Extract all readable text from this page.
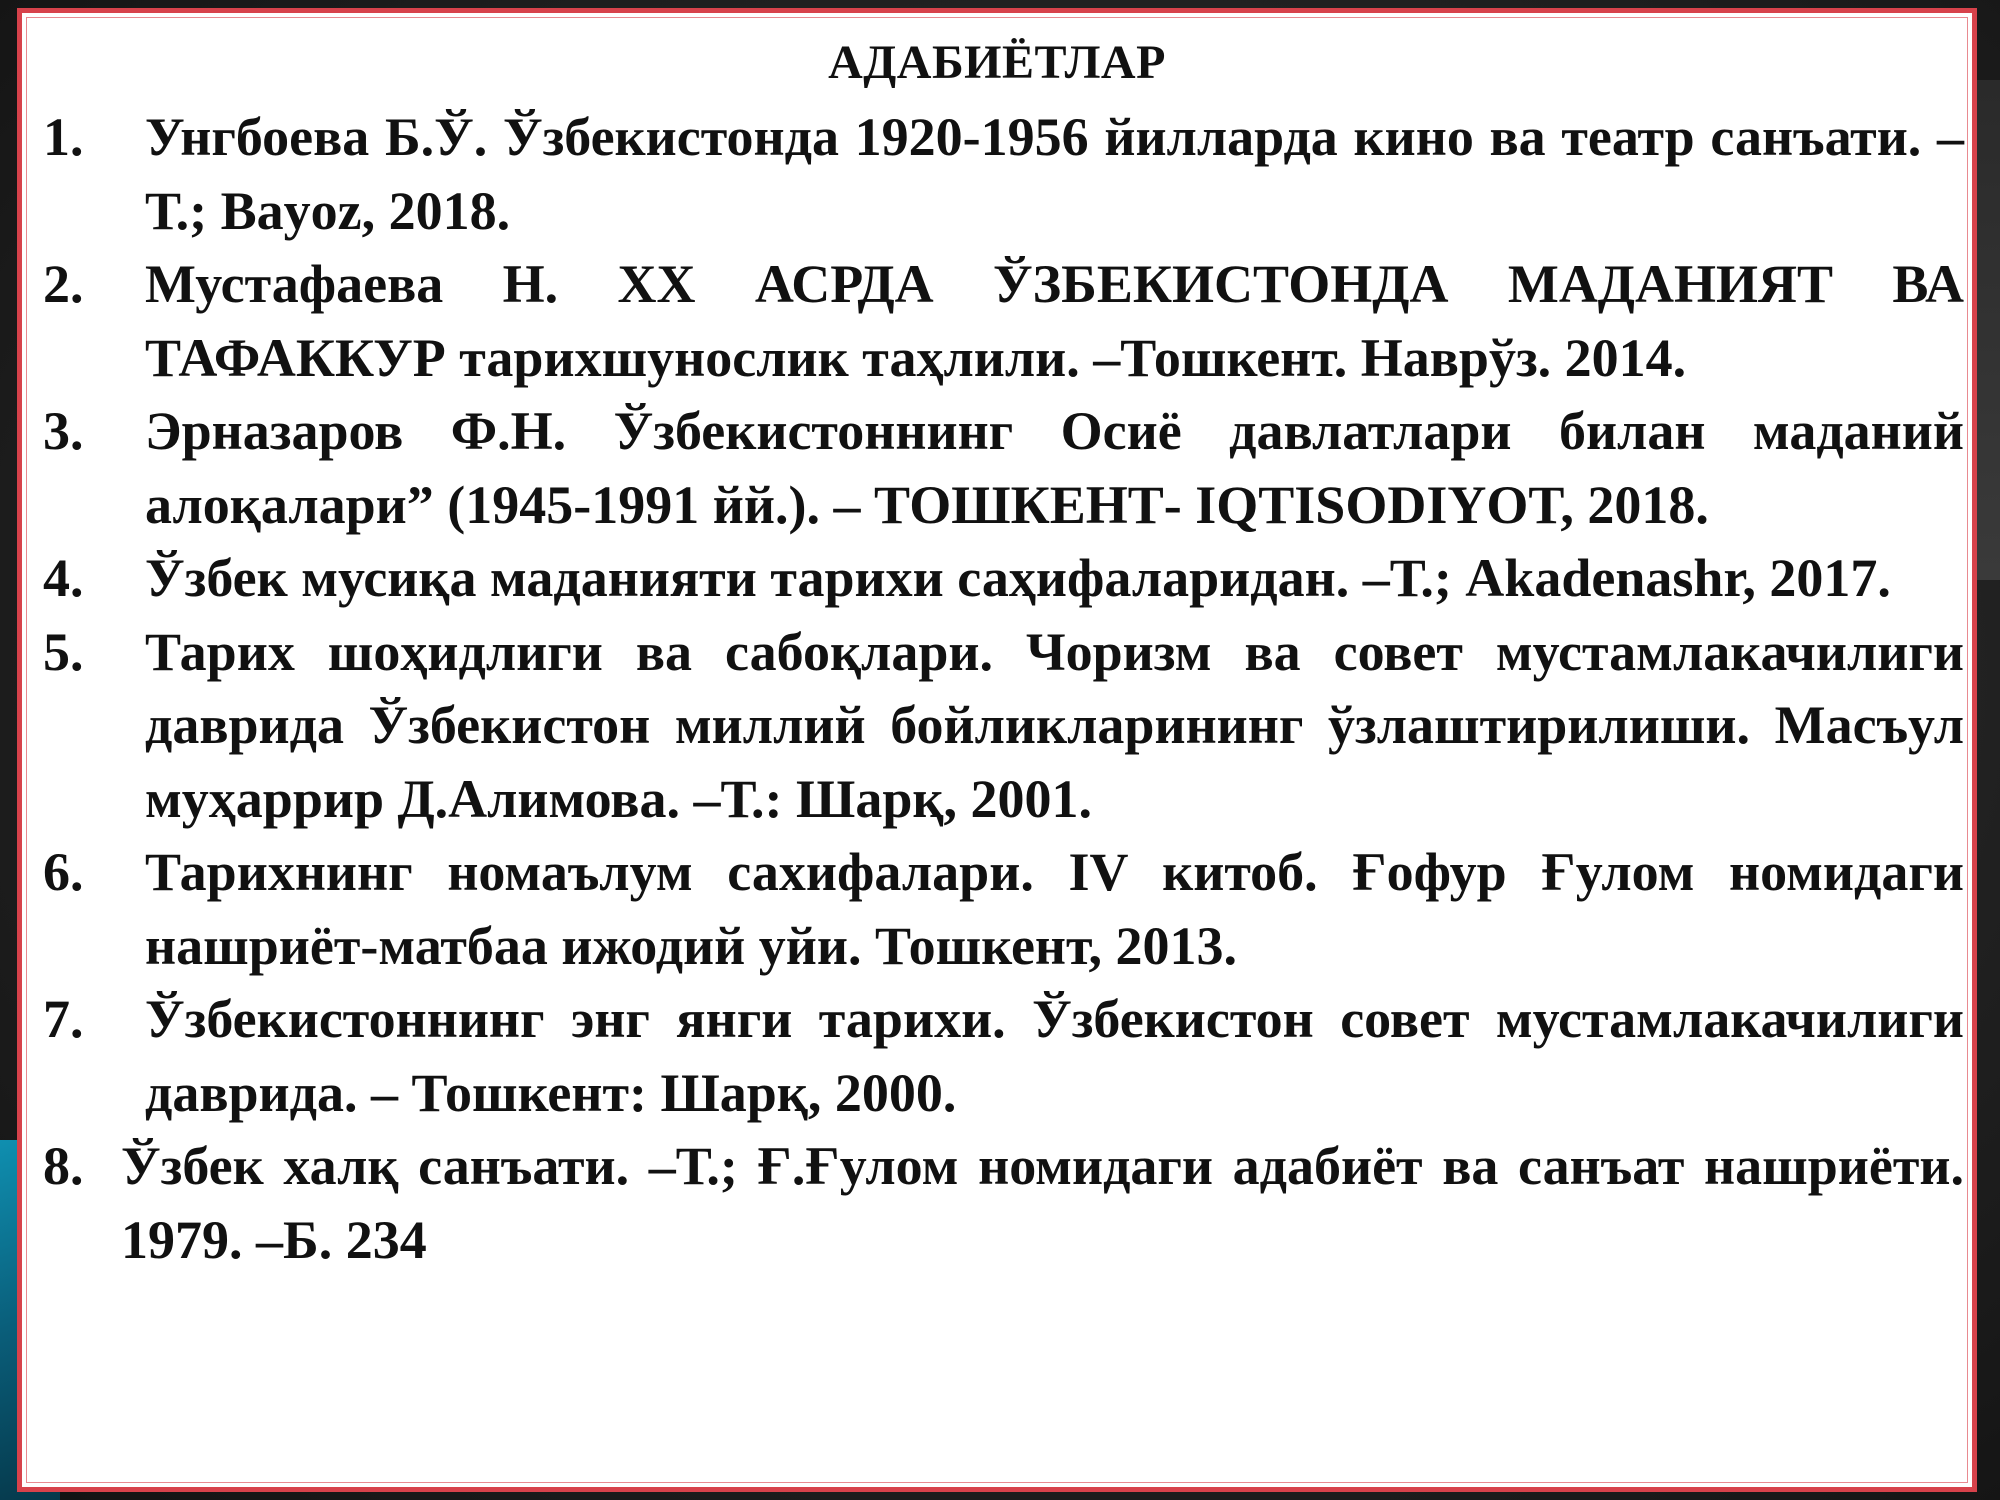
АДАБИЁТЛАР
1.	Унгбоева Б.Ў. Ўзбекистонда 1920-1956 йилларда кино ва театр санъати. –Т.; Bayoz, 2018.
2.	Мустафаева Н. ХХ АСРДА ЎЗБЕКИСТОНДА МАДАНИЯТ ВА ТАФАККУР тарихшунослик таҳлили. –Тошкент. Наврўз. 2014.
3.	Эрназаров Ф.Н. Ўзбекистоннинг Осиё давлатлари билан маданий алоқалари” (1945-1991 йй.). – ТОШКЕНТ- IQTISODIYOT, 2018.
4.	Ўзбек мусиқа маданияти тарихи саҳифаларидан. –Т.; Akadenashr, 2017.
5.	Тарих шоҳидлиги ва сабоқлари. Чоризм ва совет мустамлакачилиги даврида Ўзбекистон миллий бойликларининг ўзлаштирилиши. Масъул муҳаррир Д.Алимова. –Т.: Шарқ, 2001.
6.	Тарихнинг номаълум сахифалари. IV китоб. Ғофур Ғулом номидаги нашриёт-матбаа ижодий уйи. Тошкент, 2013.
7.	Ўзбекистоннинг энг янги тарихи. Ўзбекистон совет мустамлакачилиги даврида. – Тошкент: Шарқ, 2000.
8. Ўзбек халқ санъати. –Т.; Ғ.Ғулом номидаги адабиёт ва санъат нашриёти. 1979. –Б. 234
